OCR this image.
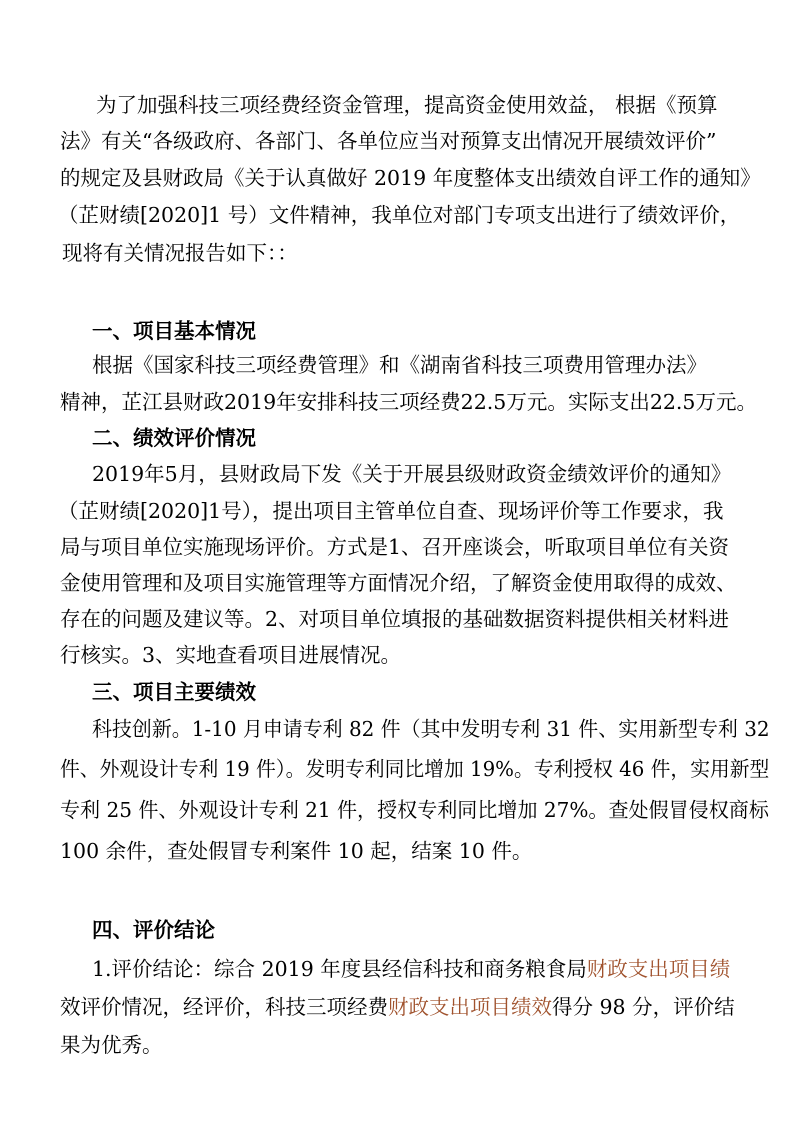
为了加强科技三项经费经资金管理，提高资金使用效益， 根据《预算
法》有关“各级政府、各部门、各单位应当对预算支出情况开展绩效评价”
的规定及县财政局《关于认真做好 2019 年度整体支出绩效自评工作的通知》
（芷财绩[2020]1 号）文件精神，我单位对部门专项支出进行了绩效评价，
现将有关情况报告如下：：
一、项目基本情况
根据《国家科技三项经费管理》和《湖南省科技三项费用管理办法》
精神，芷江县财政2019年安排科技三项经费22.5万元。实际支出22.5万元。
二、绩效评价情况
2019年5月，县财政局下发《关于开展县级财政资金绩效评价的通知》
（芷财绩[2020]1号），提出项目主管单位自查、现场评价等工作要求，我
局与项目单位实施现场评价。方式是1、召开座谈会，听取项目单位有关资
金使用管理和及项目实施管理等方面情况介绍，了解资金使用取得的成效、
存在的问题及建议等。2、对项目单位填报的基础数据资料提供相关材料进
行核实。3、实地查看项目进展情况。
三、项目主要绩效
科技创新。1-10 月申请专利 82 件（其中发明专利 31 件、实用新型专利 32
件、外观设计专利 19 件）。发明专利同比增加 19%。专利授权 46 件，实用新型
专利 25 件、外观设计专利 21 件，授权专利同比增加 27%。查处假冒侵权商标
100 余件，查处假冒专利案件 10 起，结案 10 件。
四、评价结论
1.评价结论：综合 2019 年度县经信科技和商务粮食局财政支出项目绩
效评价情况，经评价，科技三项经费财政支出项目绩效得分 98 分，评价结
果为优秀。
